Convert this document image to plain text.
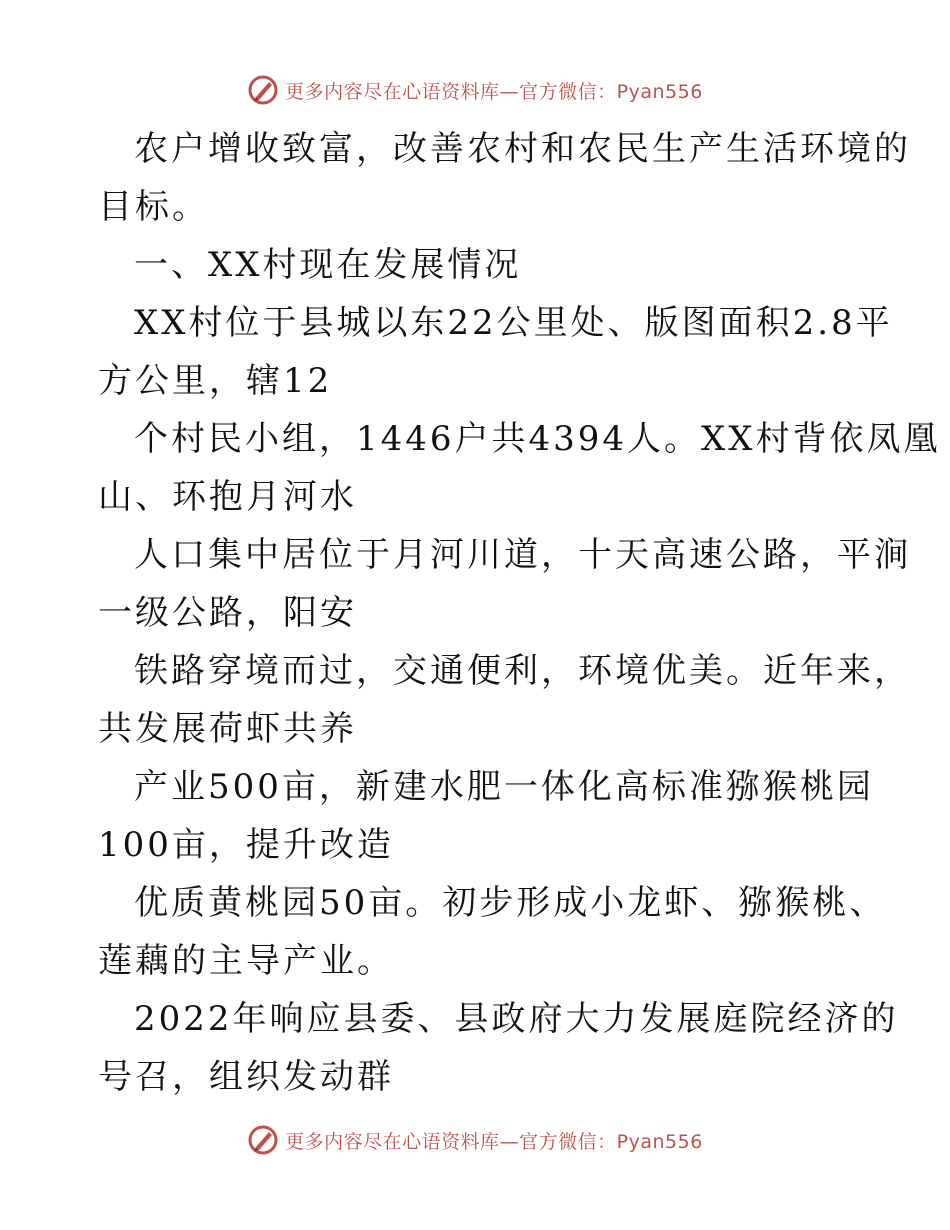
更多内容尽在心语资料库—官方微信：Pyan556

农户增收致富，改善农村和农民生产生活环境的
目标。

一、XX村现在发展情况

XX村位于县城以东22公里处、版图面积2.8平
方公里，辖12

个村民小组，1446户共4394人。XX村背依凤凰
山、环抱月河水

人口集中居位于月河川道，十天高速公路，平涧
一级公路，阳安

铁路穿境而过，交通便利，环境优美。近年来，
共发展荷虾共养

产业500亩，新建水肥一体化高标准猕猴桃园
100亩，提升改造

优质黄桃园50亩。初步形成小龙虾、猕猴桃、
莲藕的主导产业。

2022年响应县委、县政府大力发展庭院经济的
号召，组织发动群

更多内容尽在心语资料库—官方微信：Pyan556
